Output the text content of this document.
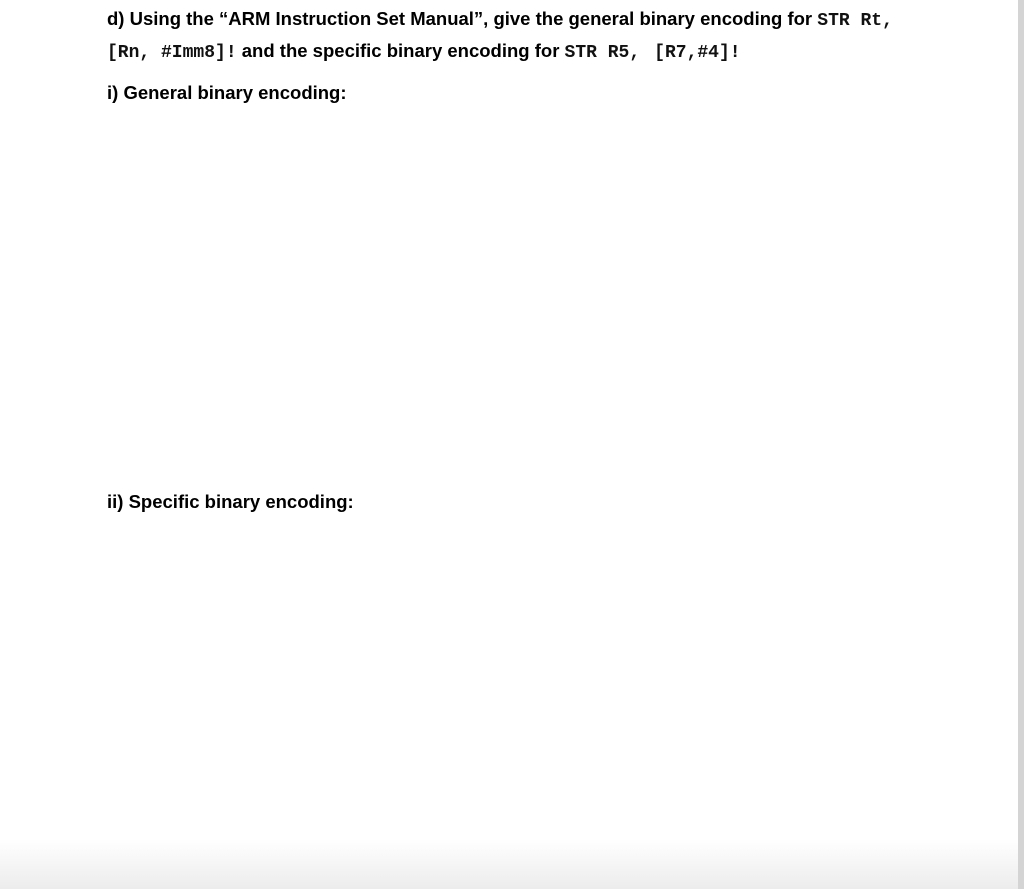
d) Using the “ARM Instruction Set Manual”, give the general binary encoding for STR Rt,
[Rn, #Imm8]! and the specific binary encoding for STR R5, [R7,#4]!
i) General binary encoding:
ii) Specific binary encoding:
